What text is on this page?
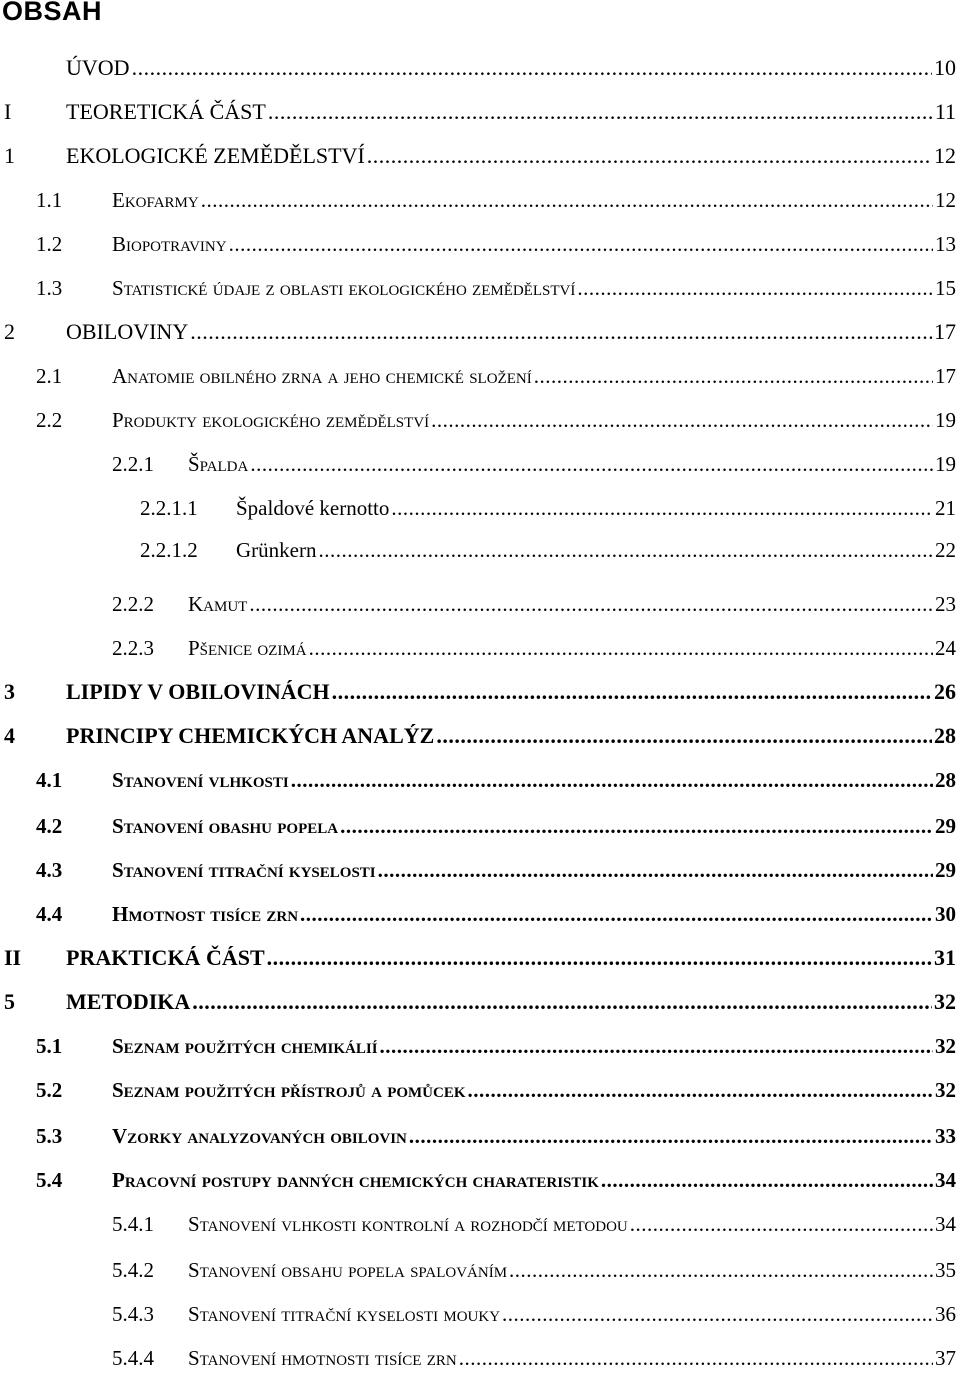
OBSAH
ÚVOD .....	10
I	TEORETICKÁ ČÁST .....	11
1	EKOLOGICKÉ ZEMĚDĚLSTVÍ .....	12
1.1	Ekofarmy .....	12
1.2	Biopotraviny .....	13
1.3	Statistické údaje z oblasti ekologického zemědělství .....	15
2	OBILOVINY .....	17
2.1	Anatomie obilného zrna a jeho chemické složení .....	17
2.2	Produkty ekologického zemědělství .....	19
2.2.1	Špalda .....	19
2.2.1.1	Špaldové kernotto .....	21
2.2.1.2	Grünkern .....	22
2.2.2	Kamut .....	23
2.2.3	Pšenice ozimá .....	24
3	LIPIDY V OBILOVINÁCH .....	26
4	PRINCIPY CHEMICKÝCH ANALÝZ .....	28
4.1	Stanovení vlhkosti .....	28
4.2	Stanovení obashu popela .....	29
4.3	Stanovení titrační kyselosti .....	29
4.4	Hmotnost tisíce zrn .....	30
II	PRAKTICKÁ ČÁST .....	31
5	METODIKA .....	32
5.1	Seznam použitých chemikálií .....	32
5.2	Seznam použitých přístrojů a pomůcek .....	32
5.3	Vzorky analyzovaných obilovin .....	33
5.4	Pracovní postupy danných chemických charateristik .....	34
5.4.1	Stanovení vlhkosti kontrolní a rozhodčí metodou .....	34
5.4.2	Stanovení obsahu popela spalováním .....	35
5.4.3	Stanovení titrační kyselosti mouky .....	36
5.4.4	Stanovení hmotnosti tisíce zrn .....	37
